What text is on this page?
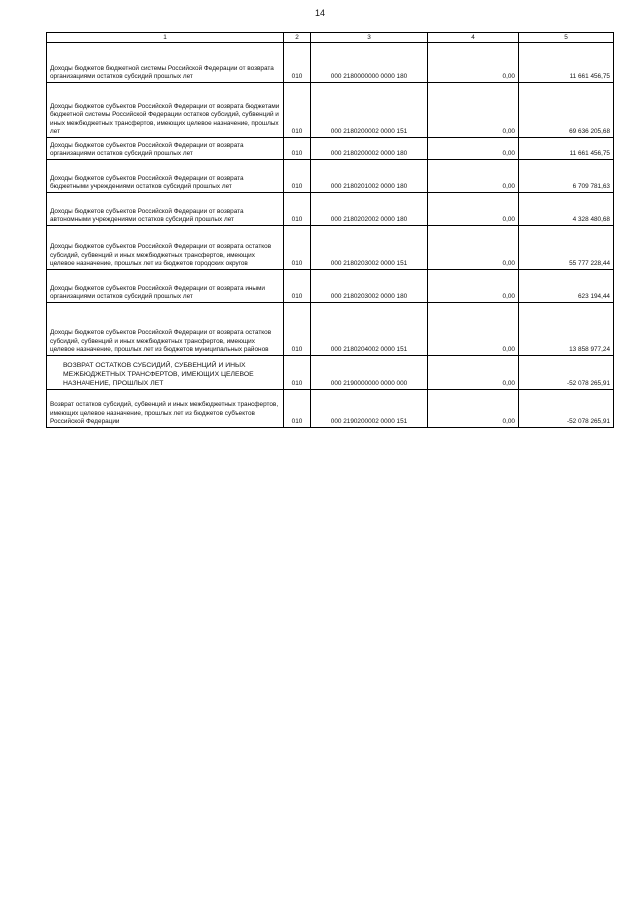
14
1	2	3	4	5
Доходы бюджетов бюджетной системы Российской Федерации от возврата организациями остатков субсидий прошлых лет	010	000 2180000000 0000 180	0,00	11 661 456,75
Доходы бюджетов субъектов Российской Федерации от возврата бюджетами бюджетной системы Российской Федерации остатков субсидий, субвенций и иных межбюджетных трансфертов, имеющих целевое назначение, прошлых лет	010	000 2180200002 0000 151	0,00	69 636 205,68
Доходы бюджетов субъектов Российской Федерации от возврата организациями остатков субсидий прошлых лет	010	000 2180200002 0000 180	0,00	11 661 456,75
Доходы бюджетов субъектов Российской Федерации от возврата бюджетными учреждениями остатков субсидий прошлых лет	010	000 2180201002 0000 180	0,00	6 709 781,63
Доходы бюджетов субъектов Российской Федерации от возврата автономными учреждениями остатков субсидий прошлых лет	010	000 2180202002 0000 180	0,00	4 328 480,68
Доходы бюджетов субъектов Российской Федерации от возврата остатков субсидий, субвенций и иных межбюджетных трансфертов, имеющих целевое назначение, прошлых лет из бюджетов городских округов	010	000 2180203002 0000 151	0,00	55 777 228,44
Доходы бюджетов субъектов Российской Федерации от возврата иными организациями остатков субсидий прошлых лет	010	000 2180203002 0000 180	0,00	623 194,44
Доходы бюджетов субъектов Российской Федерации от возврата остатков субсидий, субвенций и иных межбюджетных трансфертов, имеющих целевое назначение, прошлых лет из бюджетов муниципальных районов	010	000 2180204002 0000 151	0,00	13 858 977,24
ВОЗВРАТ ОСТАТКОВ СУБСИДИЙ, СУБВЕНЦИЙ И ИНЫХ МЕЖБЮДЖЕТНЫХ ТРАНСФЕРТОВ, ИМЕЮЩИХ ЦЕЛЕВОЕ НАЗНАЧЕНИЕ, ПРОШЛЫХ ЛЕТ	010	000 2190000000 0000 000	0,00	-52 078 265,91
Возврат остатков субсидий, субвенций и иных межбюджетных трансфертов, имеющих целевое назначение, прошлых лет из бюджетов субъектов Российской Федерации	010	000 2190200002 0000 151	0,00	-52 078 265,91
